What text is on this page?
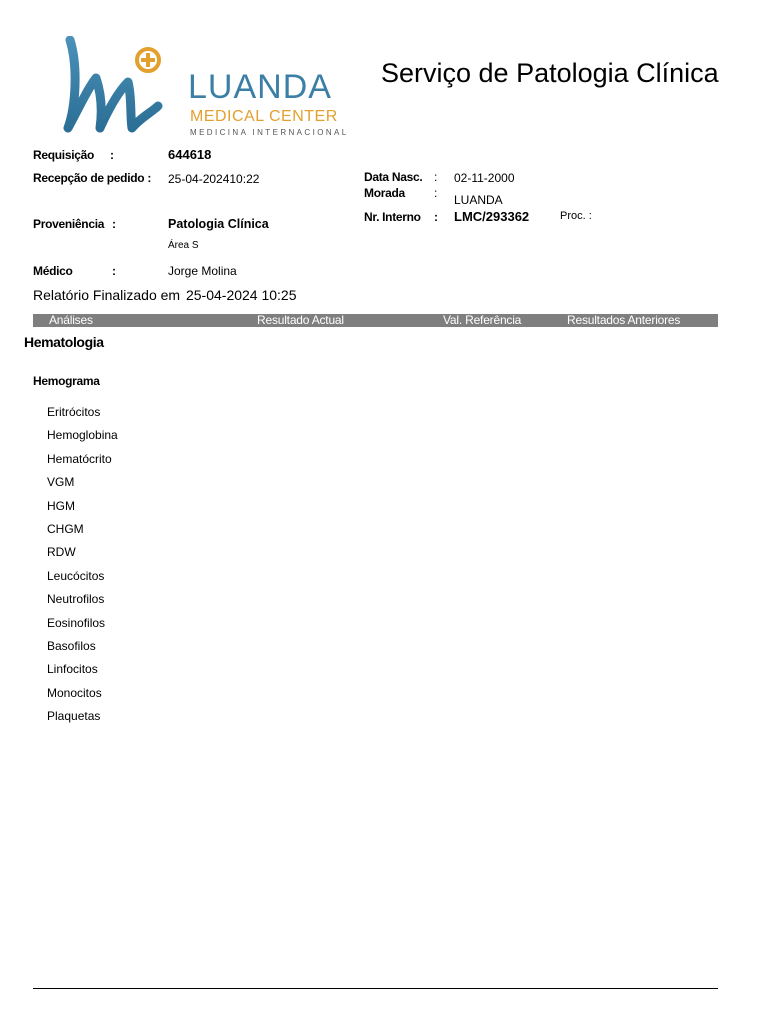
LUANDA
MEDICAL CENTER
MEDICINA INTERNACIONAL
Serviço de Patologia Clínica
Requisição :	644618
Recepção de pedido : 25-04-202410:22
Proveniência :	Patologia Clínica
Área S
Médico	:	Jorge Molina
Data Nasc. : 02-11-2000
Morada : LUANDA
Nr. Interno : LMC/293362	Proc. :
Relatório Finalizado em 25-04-2024 10:25
Análises	Resultado Actual	Val. Referência	Resultados Anteriores
Hematologia
Hemograma
Eritrócitos
Hemoglobina
Hematócrito
VGM
HGM
CHGM
RDW
Leucócitos
Neutrofilos
Eosinofilos
Basofilos
Linfocitos
Monocitos
Plaquetas
